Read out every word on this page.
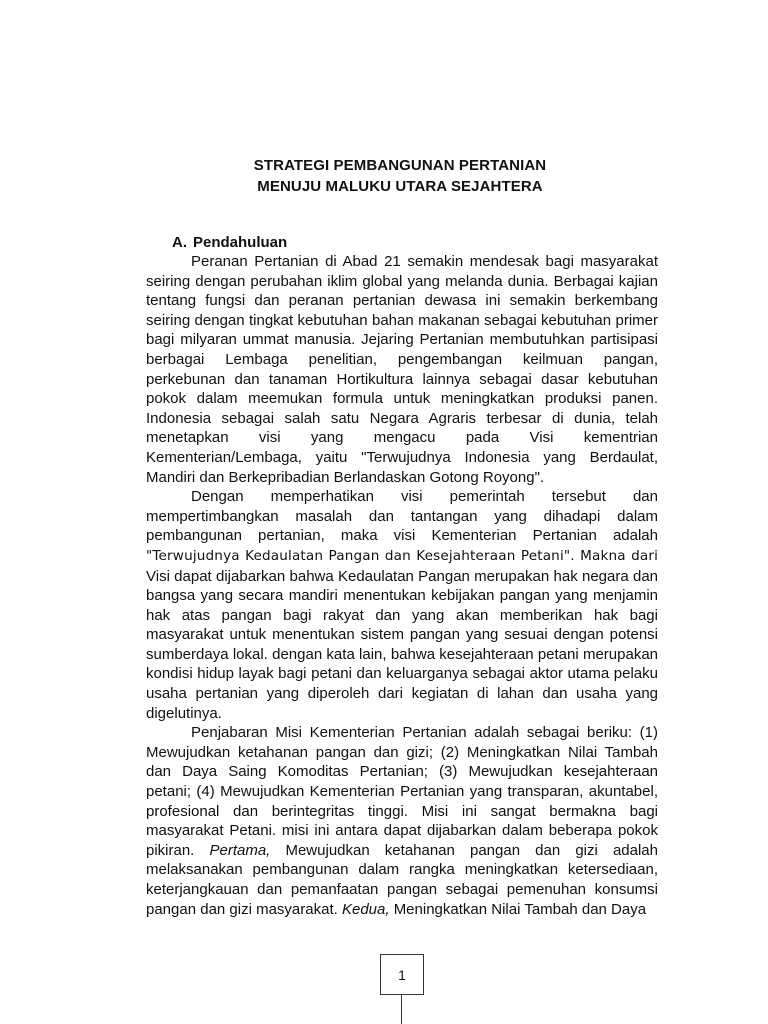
STRATEGI PEMBANGUNAN PERTANIAN
MENUJU MALUKU UTARA SEJAHTERA
A. Pendahuluan

Peranan Pertanian di Abad 21 semakin mendesak bagi masyarakat seiring dengan perubahan iklim global yang melanda dunia. Berbagai kajian tentang fungsi dan peranan pertanian dewasa ini semakin berkembang seiring dengan tingkat kebutuhan bahan makanan sebagai kebutuhan primer bagi milyaran ummat manusia. Jejaring Pertanian membutuhkan partisipasi berbagai Lembaga penelitian, pengembangan keilmuan pangan, perkebunan dan tanaman Hortikultura lainnya sebagai dasar kebutuhan pokok dalam meemukan formula untuk meningkatkan produksi panen. Indonesia sebagai salah satu Negara Agraris terbesar di dunia, telah menetapkan visi yang mengacu pada Visi kementrian Kementerian/Lembaga, yaitu "Terwujudnya Indonesia yang Berdaulat, Mandiri dan Berkepribadian Berlandaskan Gotong Royong".

Dengan memperhatikan visi pemerintah tersebut dan mempertimbangkan masalah dan tantangan yang dihadapi dalam pembangunan pertanian, maka visi Kementerian Pertanian adalah "Terwujudnya Kedaulatan Pangan dan Kesejahteraan Petani". Makna dari Visi dapat dijabarkan bahwa Kedaulatan Pangan merupakan hak negara dan bangsa yang secara mandiri menentukan kebijakan pangan yang menjamin hak atas pangan bagi rakyat dan yang akan memberikan hak bagi masyarakat untuk menentukan sistem pangan yang sesuai dengan potensi sumberdaya lokal. dengan kata lain, bahwa kesejahteraan petani merupakan kondisi hidup layak bagi petani dan keluarganya sebagai aktor utama pelaku usaha pertanian yang diperoleh dari kegiatan di lahan dan usaha yang digelutinya.

Penjabaran Misi Kementerian Pertanian adalah sebagai beriku: (1) Mewujudkan ketahanan pangan dan gizi; (2) Meningkatkan Nilai Tambah dan Daya Saing Komoditas Pertanian; (3) Mewujudkan kesejahteraan petani; (4) Mewujudkan Kementerian Pertanian yang transparan, akuntabel, profesional dan berintegritas tinggi. Misi ini sangat bermakna bagi masyarakat Petani. misi ini antara dapat dijabarkan dalam beberapa pokok pikiran. Pertama, Mewujudkan ketahanan pangan dan gizi adalah melaksanakan pembangunan dalam rangka meningkatkan ketersediaan, keterjangkauan dan pemanfaatan pangan sebagai pemenuhan konsumsi pangan dan gizi masyarakat. Kedua, Meningkatkan Nilai Tambah dan Daya

1
